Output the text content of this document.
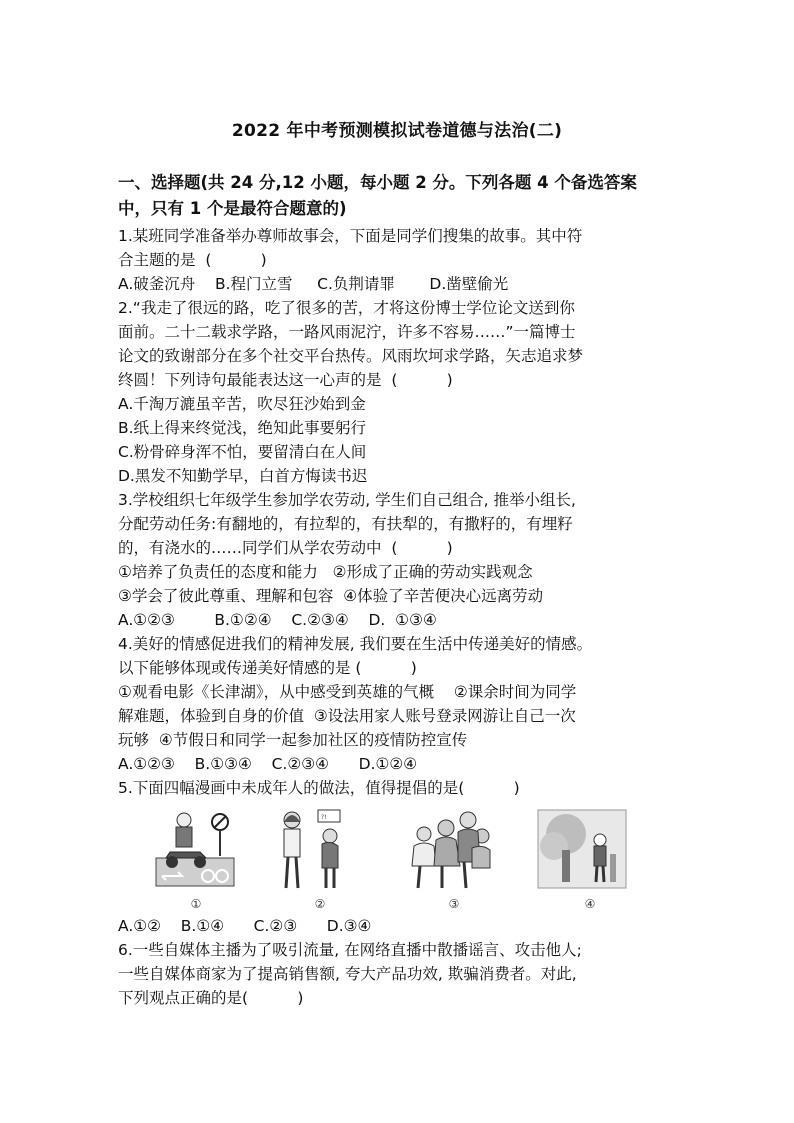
2022 年中考预测模拟试卷道德与法治(二)
一、选择题(共 24 分,12 小题，每小题 2 分。下列各题 4 个备选答案
中，只有 1 个是最符合题意的)
1.某班同学准备举办尊师故事会，下面是同学们搜集的故事。其中符
合主题的是  (          )
A.破釜沉舟    B.程门立雪     C.负荆请罪       D.凿壁偷光
2.“我走了很远的路，吃了很多的苦，才将这份博士学位论文送到你
面前。二十二载求学路，一路风雨泥泞，许多不容易……”一篇博士
论文的致谢部分在多个社交平台热传。风雨坎坷求学路，矢志追求梦
终圆！下列诗句最能表达这一心声的是  (          )
A.千淘万漉虽辛苦，吹尽狂沙始到金
B.纸上得来终觉浅，绝知此事要躬行
C.粉骨碎身浑不怕，要留清白在人间
D.黑发不知勤学早，白首方悔读书迟
3.学校组织七年级学生参加学农劳动, 学生们自己组合, 推举小组长,
分配劳动任务:有翻地的，有拉犁的，有扶犁的，有撒籽的，有埋籽
的，有浇水的……同学们从学农劳动中  (          )
①培养了负责任的态度和能力   ②形成了正确的劳动实践观念
③学会了彼此尊重、理解和包容  ④体验了辛苦便决心远离劳动
A.①②③        B.①②④    C.②③④    D.  ①③④
4.美好的情感促进我们的精神发展, 我们要在生活中传递美好的情感。
以下能够体现或传递美好情感的是 (          )
①观看电影《长津湖》，从中感受到英雄的气概    ②课余时间为同学
解难题，体验到自身的价值  ③设法用家人账号登录网游让自己一次
玩够  ④节假日和同学一起参加社区的疫情防控宣传
A.①②③    B.①③④    C.②③④      D.①②④
5.下面四幅漫画中未成年人的做法，值得提倡的是(          )
?!
①	②	③	④
A.①②    B.①④      C.②③      D.③④
6.一些自媒体主播为了吸引流量, 在网络直播中散播谣言、攻击他人;
一些自媒体商家为了提高销售额, 夸大产品功效, 欺骗消费者。对此,
下列观点正确的是(          )
